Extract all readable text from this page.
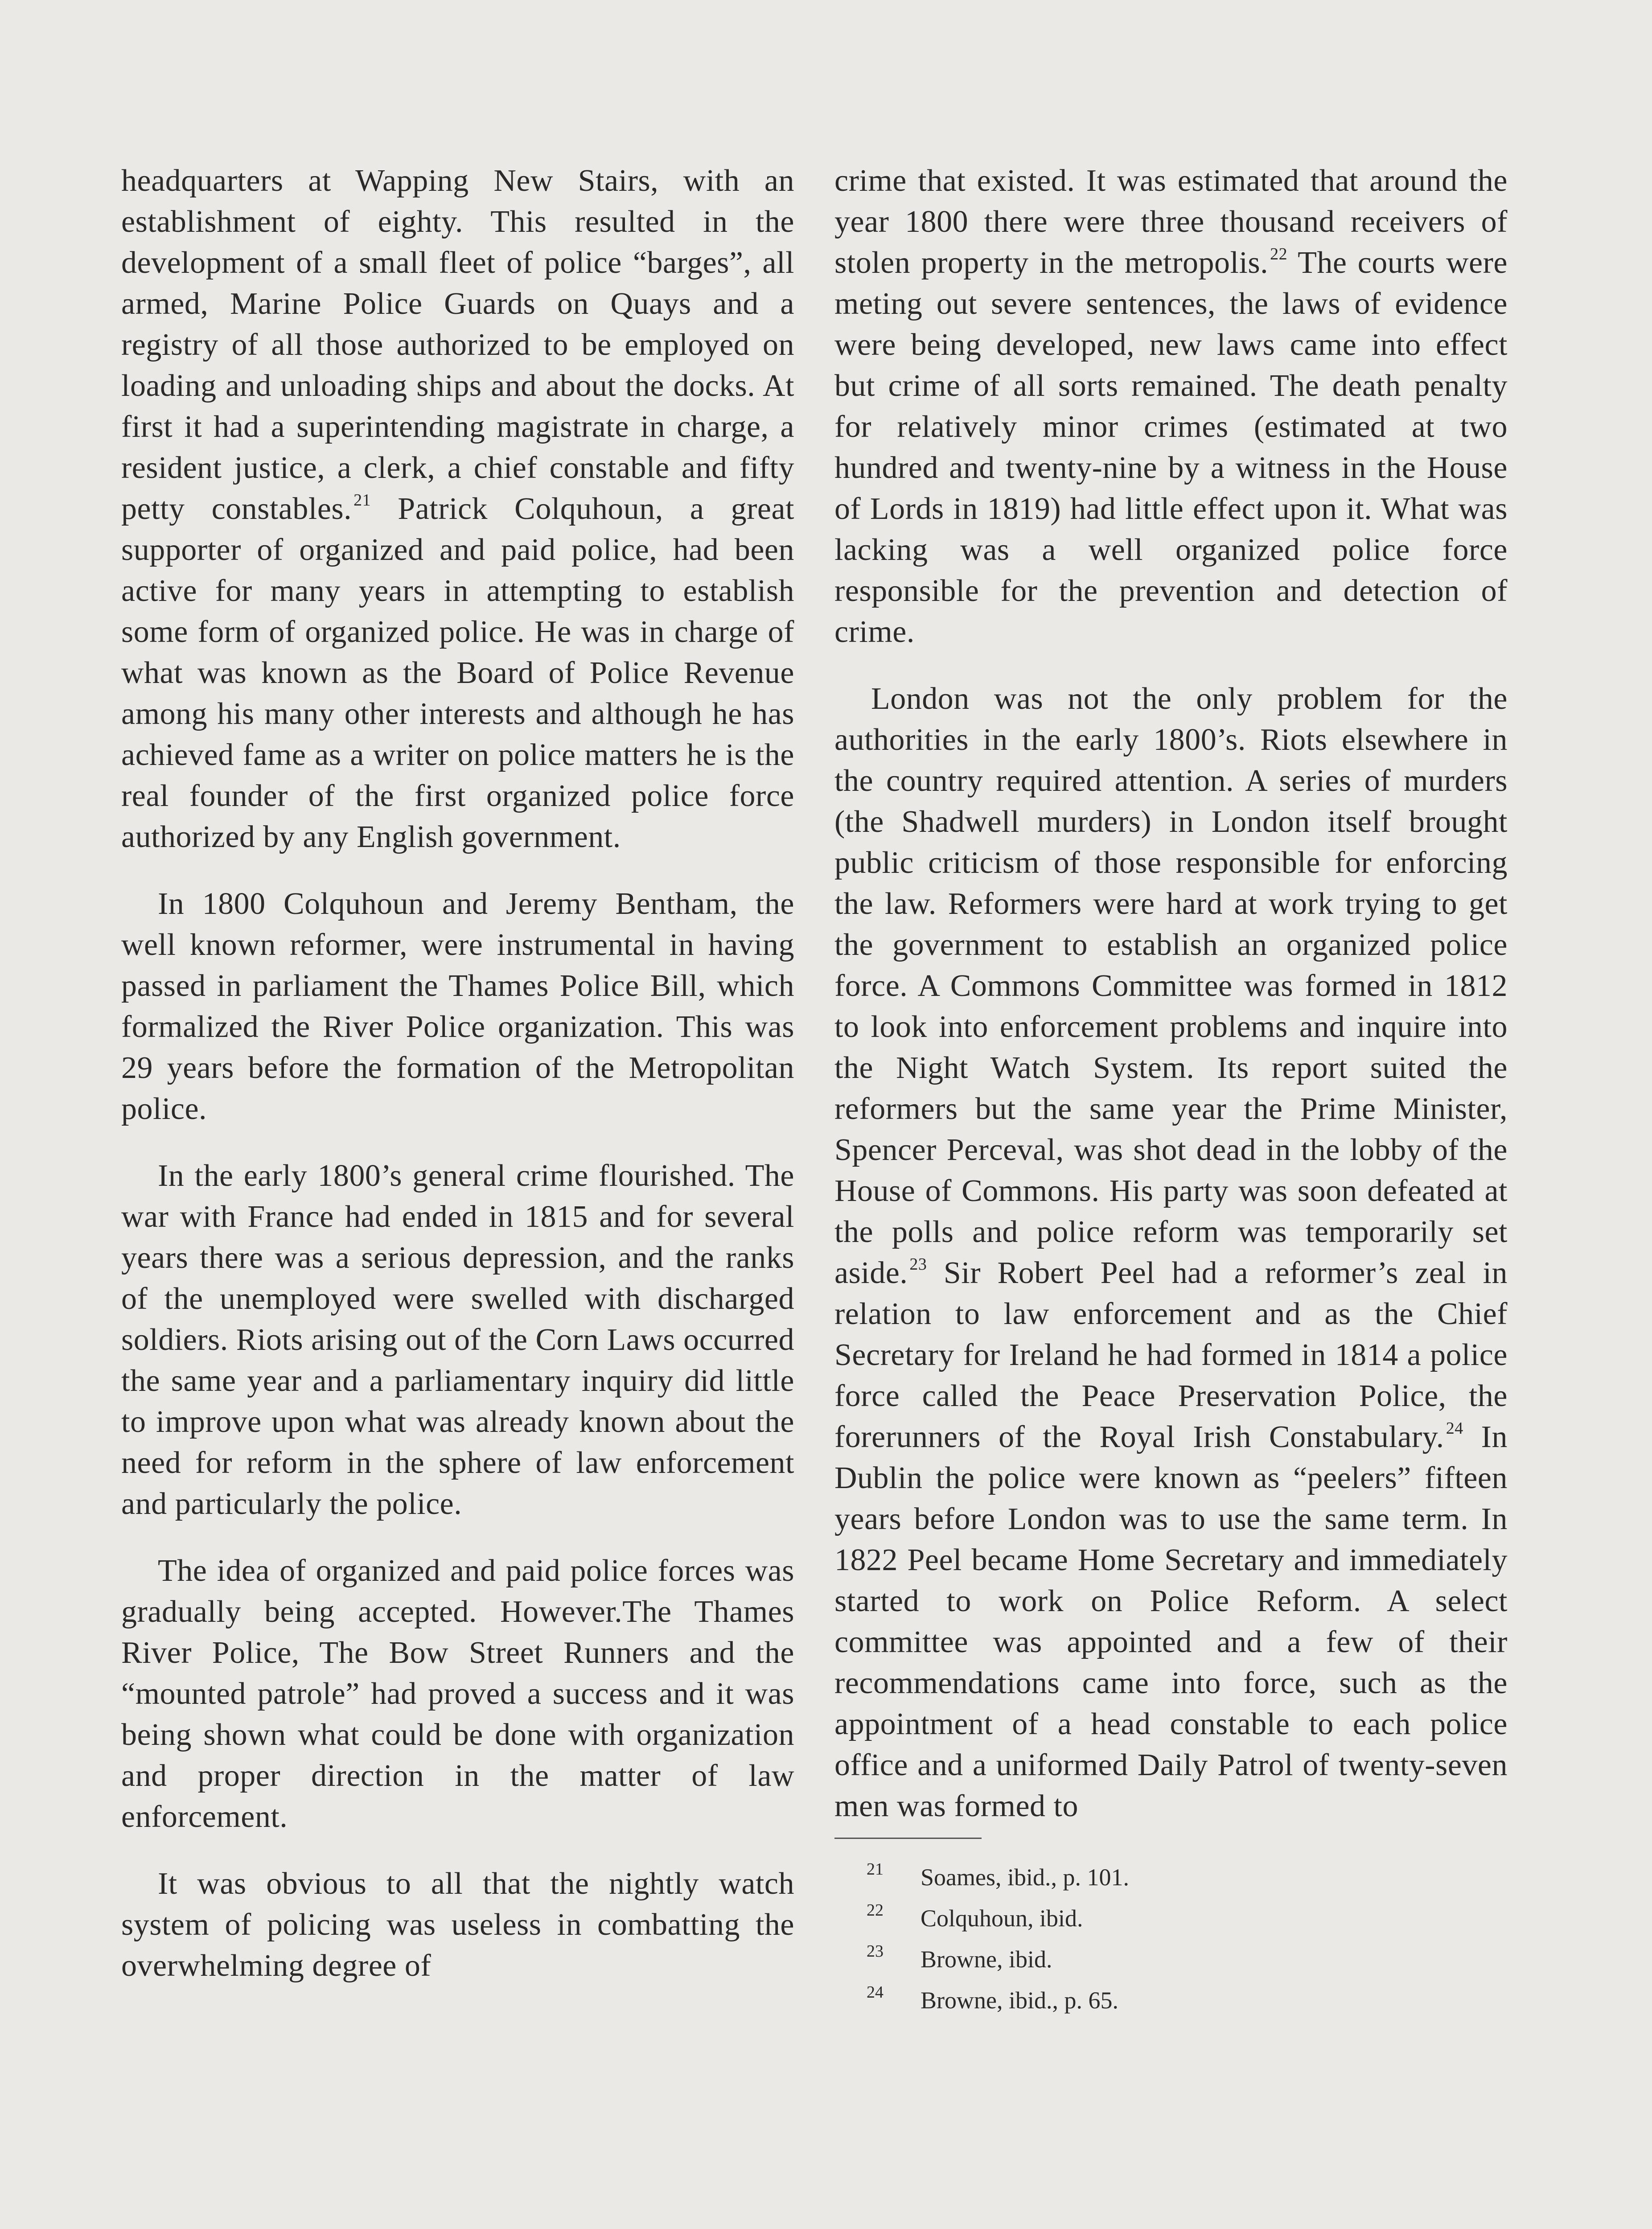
headquarters at Wapping New Stairs, with an establishment of eighty. This resulted in the development of a small fleet of police “barges”, all armed, Marine Police Guards on Quays and a registry of all those authorized to be employed on loading and unloading ships and about the docks. At first it had a superintending magistrate in charge, a resident justice, a clerk, a chief constable and fifty petty constables. $^{21}$ Patrick Colquhoun, a great supporter of organized and paid police, had been active for many years in attempting to establish some form of organized police. He was in charge of what was known as the Board of Police Revenue among his many other interests and although he has achieved fame as a writer on police matters he is the real founder of the first organized police force authorized by any English government.

In 1800 Colquhoun and Jeremy Bentham, the well known reformer, were instrumental in having passed in parliament the Thames Police Bill, which formalized the River Police organization. This was 29 years before the formation of the Metropolitan police.

In the early 1800’s general crime flourished. The war with France had ended in 1815 and for several years there was a serious depression, and the ranks of the unemployed were swelled with discharged soldiers. Riots arising out of the Corn Laws occurred the same year and a parliamentary inquiry did little to improve upon what was already known about the need for reform in the sphere of law enforcement and particularly the police.

The idea of organized and paid police forces was gradually being accepted. However.The Thames River Police, The Bow Street Runners and the “mounted patrole” had proved a success and it was being shown what could be done with organization and proper direction in the matter of law enforcement.

It was obvious to all that the nightly watch system of policing was useless in combatting the overwhelming degree of

crime that existed. It was estimated that around the year 1800 there were three thousand receivers of stolen property in the metropolis. $^{22}$ The courts were meting out severe sentences, the laws of evidence were being developed, new laws came into effect but crime of all sorts remained. The death penalty for relatively minor crimes (estimated at two hundred and twenty-nine by a witness in the House of Lords in 1819) had little effect upon it. What was lacking was a well organized police force responsible for the prevention and detection of crime.

London was not the only problem for the authorities in the early 1800’s. Riots elsewhere in the country required attention. A series of murders (the Shadwell murders) in London itself brought public criticism of those responsible for enforcing the law. Reformers were hard at work trying to get the government to establish an organized police force. A Commons Committee was formed in 1812 to look into enforcement problems and inquire into the Night Watch System. Its report suited the reformers but the same year the Prime Minister, Spencer Perceval, was shot dead in the lobby of the House of Commons. His party was soon defeated at the polls and police reform was temporarily set aside. $^{23}$ Sir Robert Peel had a reformer’s zeal in relation to law enforcement and as the Chief Secretary for Ireland he had formed in 1814 a police force called the Peace Preservation Police, the forerunners of the Royal Irish Constabulary. $^{24}$ In Dublin the police were known as “peelers” fifteen years before London was to use the same term. In 1822 Peel became Home Secretary and immediately started to work on Police Reform. A select committee was appointed and a few of their recommendations came into force, such as the appointment of a head constable to each police office and a uniformed Daily Patrol of twenty-seven men was formed to

21 Soames, ibid., p. 101.
22 Colquhoun, ibid.
23 Browne, ibid.
24 Browne, ibid., p. 65.
